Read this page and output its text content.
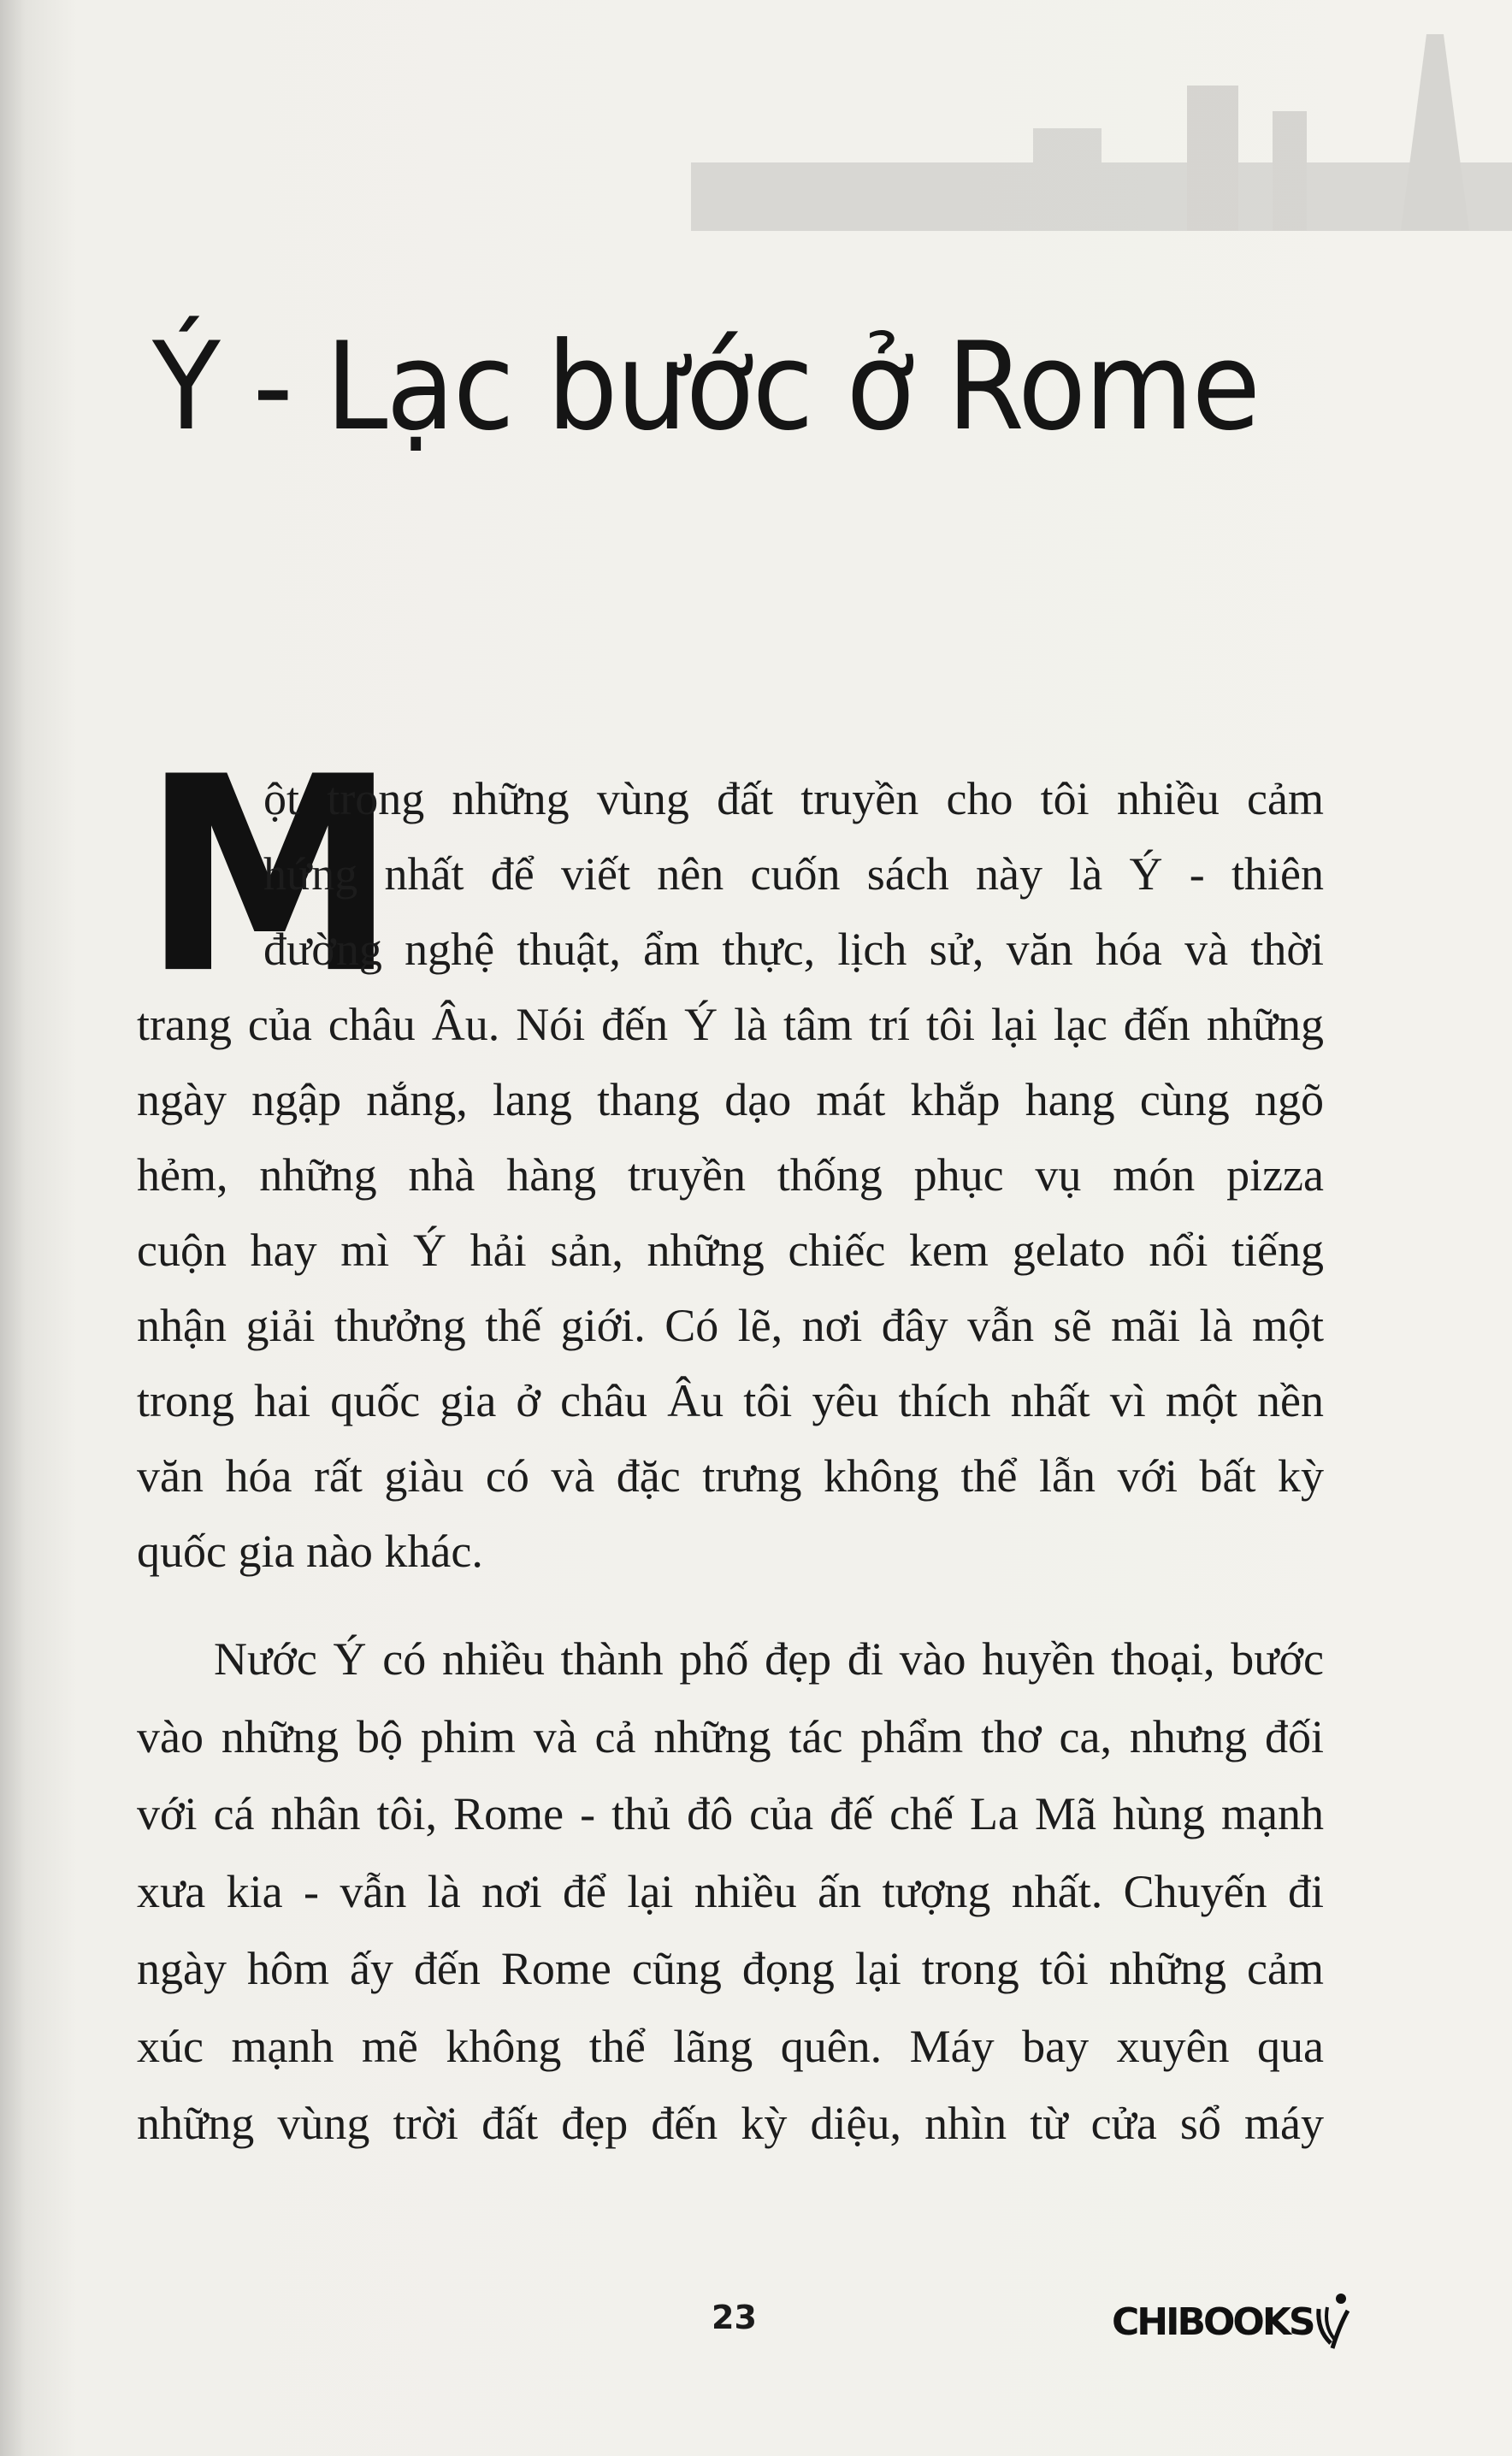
Ý - Lạc bước ở Rome
M
ột trong những vùng đất truyền cho tôi nhiều cảm
hứng nhất để viết nên cuốn sách này là Ý - thiên
đường nghệ thuật, ẩm thực, lịch sử, văn hóa và thời
trang của châu Âu. Nói đến Ý là tâm trí tôi lại lạc đến những
ngày ngập nắng, lang thang dạo mát khắp hang cùng ngõ
hẻm, những nhà hàng truyền thống phục vụ món pizza
cuộn hay mì Ý hải sản, những chiếc kem gelato nổi tiếng
nhận giải thưởng thế giới. Có lẽ, nơi đây vẫn sẽ mãi là một
trong hai quốc gia ở châu Âu tôi yêu thích nhất vì một nền
văn hóa rất giàu có và đặc trưng không thể lẫn với bất kỳ
quốc gia nào khác.
Nước Ý có nhiều thành phố đẹp đi vào huyền thoại, bước
vào những bộ phim và cả những tác phẩm thơ ca, nhưng đối
với cá nhân tôi, Rome - thủ đô của đế chế La Mã hùng mạnh
xưa kia - vẫn là nơi để lại nhiều ấn tượng nhất. Chuyến đi
ngày hôm ấy đến Rome cũng đọng lại trong tôi những cảm
xúc mạnh mẽ không thể lãng quên. Máy bay xuyên qua
những vùng trời đất đẹp đến kỳ diệu, nhìn từ cửa sổ máy
23	CHIBOOKS
